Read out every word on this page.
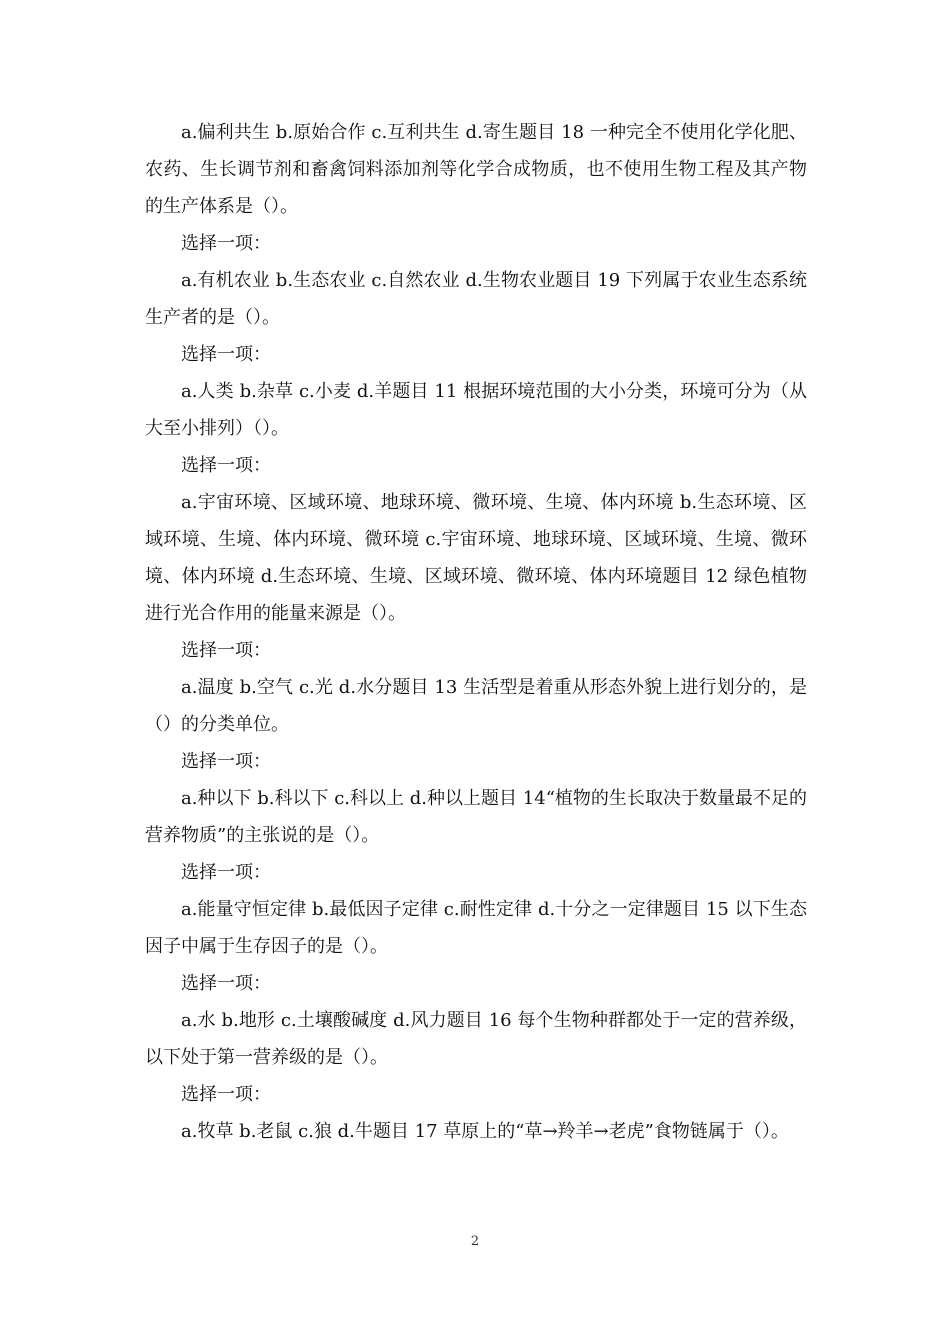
a.偏利共生 b.原始合作 c.互利共生 d.寄生题目 18 一种完全不使用化学化肥、农药、生长调节剂和畜禽饲料添加剂等化学合成物质，也不使用生物工程及其产物的生产体系是（）。

选择一项：

a.有机农业 b.生态农业 c.自然农业 d.生物农业题目 19 下列属于农业生态系统生产者的是（）。

选择一项：

a.人类 b.杂草 c.小麦 d.羊题目 11 根据环境范围的大小分类，环境可分为（从大至小排列）（）。

选择一项：

a.宇宙环境、区域环境、地球环境、微环境、生境、体内环境 b.生态环境、区域环境、生境、体内环境、微环境 c.宇宙环境、地球环境、区域环境、生境、微环境、体内环境 d.生态环境、生境、区域环境、微环境、体内环境题目 12 绿色植物进行光合作用的能量来源是（）。

选择一项：

a.温度 b.空气 c.光 d.水分题目 13 生活型是着重从形态外貌上进行划分的，是（）的分类单位。

选择一项：

a.种以下 b.科以下 c.科以上 d.种以上题目 14“植物的生长取决于数量最不足的营养物质”的主张说的是（）。

选择一项：

a.能量守恒定律 b.最低因子定律 c.耐性定律 d.十分之一定律题目 15 以下生态因子中属于生存因子的是（）。

选择一项：

a.水 b.地形 c.土壤酸碱度 d.风力题目 16 每个生物种群都处于一定的营养级，以下处于第一营养级的是（）。

选择一项：

a.牧草 b.老鼠 c.狼 d.牛题目 17 草原上的“草→羚羊→老虎”食物链属于（）。

2
